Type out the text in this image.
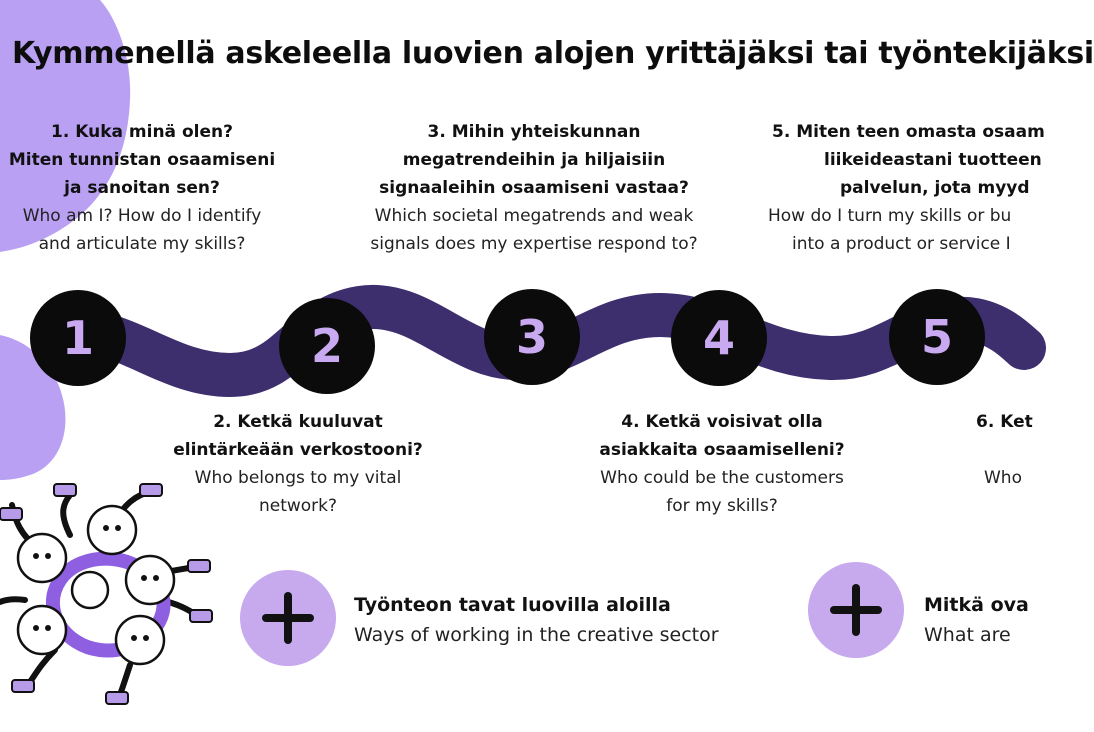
Kymmenellä askeleella luovien alojen yrittäjäksi tai työntekijäksi
1. Kuka minä olen?
Miten tunnistan osaamiseni
ja sanoitan sen?
Who am I? How do I identify
and articulate my skills?
3. Mihin yhteiskunnan
megatrendeihin ja hiljaisiin
signaaleihin osaamiseni vastaa?
Which societal megatrends and weak
signals does my expertise respond to?
5. Miten teen omasta osaam
liikeideastani tuotteen
palvelun, jota myyd
How do I turn my skills or bu
into a product or service I
2. Ketkä kuuluvat
elintärkeään verkostooni?
Who belongs to my vital
network?
4. Ketkä voisivat olla
asiakkaita osaamiselleni?
Who could be the customers
for my skills?
6. Ket
Who
1	2	3	4	5
Työnteon tavat luovilla aloilla
Ways of working in the creative sector
Mitkä ova
What are
